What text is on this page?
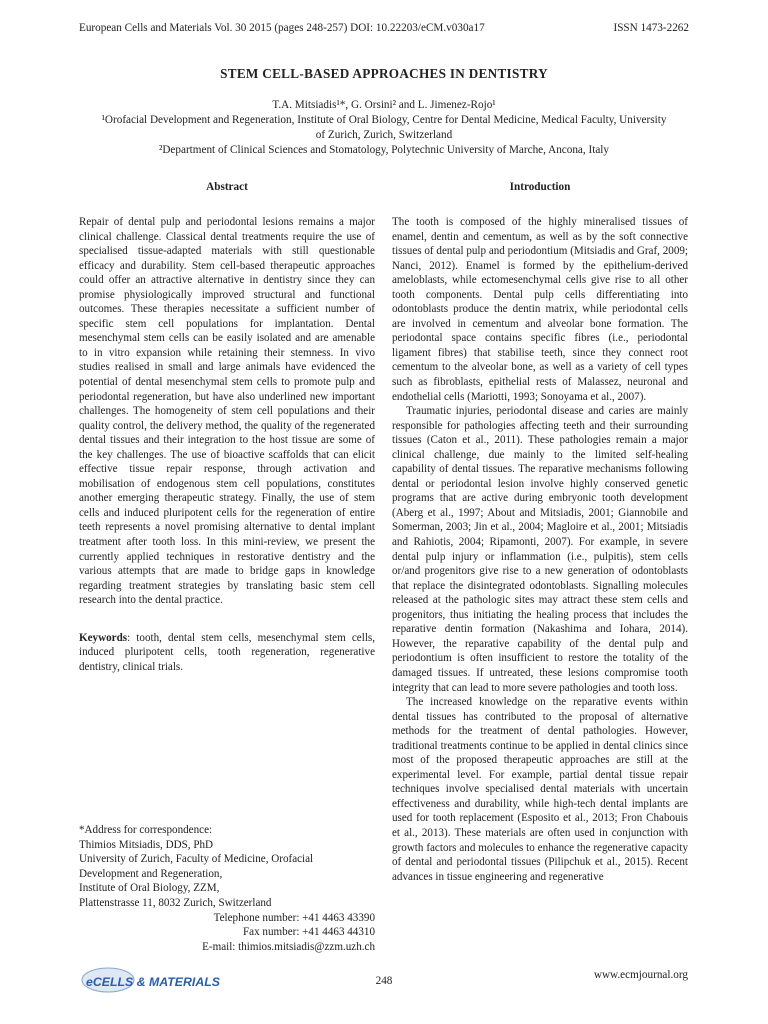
European Cells and Materials Vol. 30 2015 (pages 248-257) DOI: 10.22203/eCM.v030a17	ISSN 1473-2262
STEM CELL-BASED APPROACHES IN DENTISTRY
T.A. Mitsiadis¹*, G. Orsini² and L. Jimenez-Rojo¹
¹Orofacial Development and Regeneration, Institute of Oral Biology, Centre for Dental Medicine, Medical Faculty, University of Zurich, Zurich, Switzerland
²Department of Clinical Sciences and Stomatology, Polytechnic University of Marche, Ancona, Italy
Abstract

Repair of dental pulp and periodontal lesions remains a major clinical challenge. Classical dental treatments require the use of specialised tissue-adapted materials with still questionable efficacy and durability. Stem cell-based therapeutic approaches could offer an attractive alternative in dentistry since they can promise physiologically improved structural and functional outcomes. These therapies necessitate a sufficient number of specific stem cell populations for implantation. Dental mesenchymal stem cells can be easily isolated and are amenable to in vitro expansion while retaining their stemness. In vivo studies realised in small and large animals have evidenced the potential of dental mesenchymal stem cells to promote pulp and periodontal regeneration, but have also underlined new important challenges. The homogeneity of stem cell populations and their quality control, the delivery method, the quality of the regenerated dental tissues and their integration to the host tissue are some of the key challenges. The use of bioactive scaffolds that can elicit effective tissue repair response, through activation and mobilisation of endogenous stem cell populations, constitutes another emerging therapeutic strategy. Finally, the use of stem cells and induced pluripotent cells for the regeneration of entire teeth represents a novel promising alternative to dental implant treatment after tooth loss. In this mini-review, we present the currently applied techniques in restorative dentistry and the various attempts that are made to bridge gaps in knowledge regarding treatment strategies by translating basic stem cell research into the dental practice.

Keywords: tooth, dental stem cells, mesenchymal stem cells, induced pluripotent cells, tooth regeneration, regenerative dentistry, clinical trials.

*Address for correspondence:
Thimios Mitsiadis, DDS, PhD
University of Zurich, Faculty of Medicine, Orofacial Development and Regeneration,
Institute of Oral Biology, ZZM,
Plattenstrasse 11, 8032 Zurich, Switzerland
Telephone number: +41 4463 43390
Fax number: +41 4463 44310
E-mail: thimios.mitsiadis@zzm.uzh.ch
Introduction

The tooth is composed of the highly mineralised tissues of enamel, dentin and cementum, as well as by the soft connective tissues of dental pulp and periodontium (Mitsiadis and Graf, 2009; Nanci, 2012). Enamel is formed by the epithelium-derived ameloblasts, while ectomesenchymal cells give rise to all other tooth components. Dental pulp cells differentiating into odontoblasts produce the dentin matrix, while periodontal cells are involved in cementum and alveolar bone formation. The periodontal space contains specific fibres (i.e., periodontal ligament fibres) that stabilise teeth, since they connect root cementum to the alveolar bone, as well as a variety of cell types such as fibroblasts, epithelial rests of Malassez, neuronal and endothelial cells (Mariotti, 1993; Sonoyama et al., 2007).

Traumatic injuries, periodontal disease and caries are mainly responsible for pathologies affecting teeth and their surrounding tissues (Caton et al., 2011). These pathologies remain a major clinical challenge, due mainly to the limited self-healing capability of dental tissues. The reparative mechanisms following dental or periodontal lesion involve highly conserved genetic programs that are active during embryonic tooth development (Aberg et al., 1997; About and Mitsiadis, 2001; Giannobile and Somerman, 2003; Jin et al., 2004; Magloire et al., 2001; Mitsiadis and Rahiotis, 2004; Ripamonti, 2007). For example, in severe dental pulp injury or inflammation (i.e., pulpitis), stem cells or/and progenitors give rise to a new generation of odontoblasts that replace the disintegrated odontoblasts. Signalling molecules released at the pathologic sites may attract these stem cells and progenitors, thus initiating the healing process that includes the reparative dentin formation (Nakashima and Iohara, 2014). However, the reparative capability of the dental pulp and periodontium is often insufficient to restore the totality of the damaged tissues. If untreated, these lesions compromise tooth integrity that can lead to more severe pathologies and tooth loss.

The increased knowledge on the reparative events within dental tissues has contributed to the proposal of alternative methods for the treatment of dental pathologies. However, traditional treatments continue to be applied in dental clinics since most of the proposed therapeutic approaches are still at the experimental level. For example, partial dental tissue repair techniques involve specialised dental materials with uncertain effectiveness and durability, while high-tech dental implants are used for tooth replacement (Esposito et al., 2013; Fron Chabouis et al., 2013). These materials are often used in conjunction with growth factors and molecules to enhance the regenerative capacity of dental and periodontal tissues (Pilipchuk et al., 2015). Recent advances in tissue engineering and regenerative

eCELLS & MATERIALS	248	www.ecmjournal.org
